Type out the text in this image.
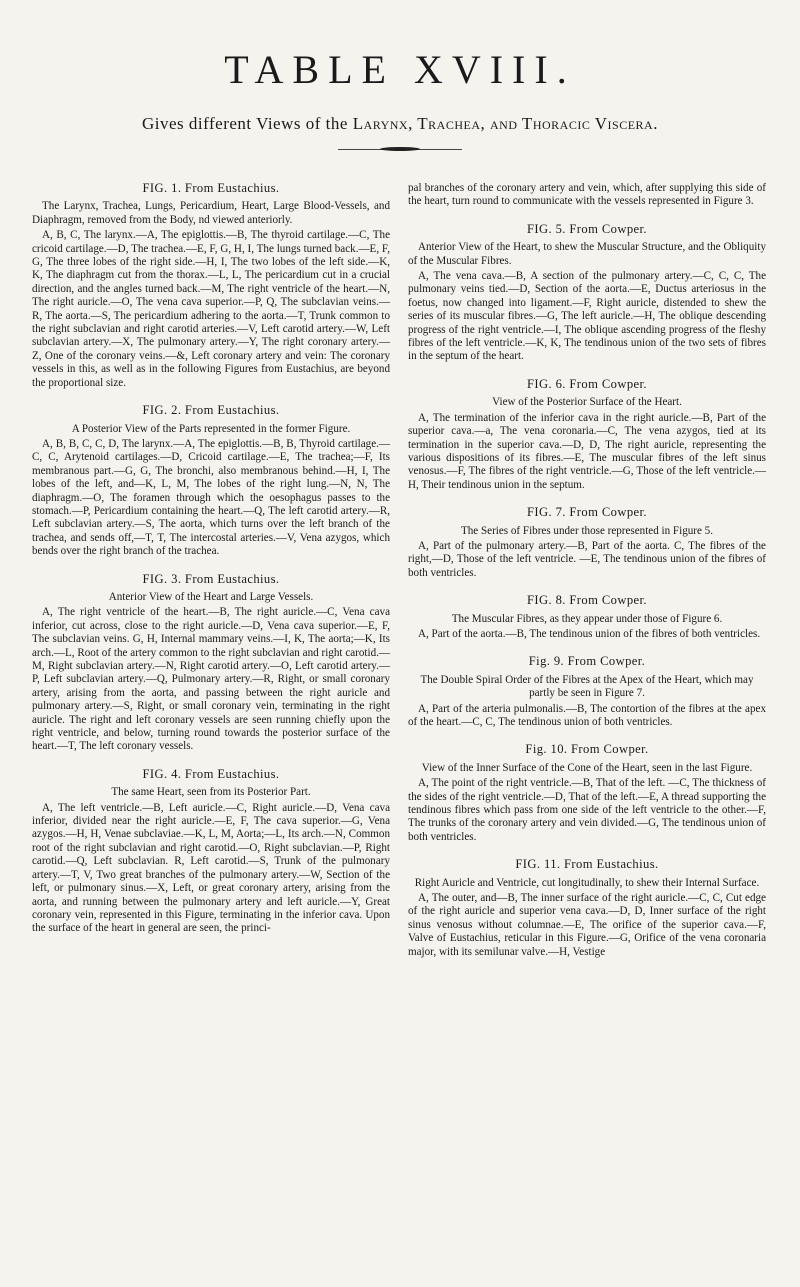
TABLE XVIII.
Gives different Views of the Larynx, Trachea, and Thoracic Viscera.
FIG. 1. From Eustachius.

The Larynx, Trachea, Lungs, Pericardium, Heart, Large Blood-Vessels, and Diaphragm, removed from the Body, nd viewed anteriorly.

A, B, C, The larynx.—A, The epiglottis.—B, The thyroid cartilage.—C, The cricoid cartilage.—D, The trachea.—E, F, G, H, I, The lungs turned back.—E, F, G, The three lobes of the right side.—H, I, The two lobes of the left side.—K, K, The diaphragm cut from the thorax.—L, L, The pericardium cut in a crucial direction, and the angles turned back.—M, The right ventricle of the heart.—N, The right auricle.—O, The vena cava superior.—P, Q, The subclavian veins.—R, The aorta.—S, The pericardium adhering to the aorta.—T, Trunk common to the right subclavian and right carotid arteries.—V, Left carotid artery.—W, Left subclavian artery.—X, The pulmonary artery.—Y, The right coronary artery.—Z, One of the coronary veins.—&, Left coronary artery and vein: The coronary vessels in this, as well as in the following Figures from Eustachius, are beyond the proportional size.

FIG. 2. From Eustachius.

A Posterior View of the Parts represented in the former Figure.

A, B, B, C, C, D, The larynx.—A, The epiglottis.—B, B, Thyroid cartilage.—C, C, Arytenoid cartilages.—D, Cricoid cartilage.—E, The trachea;—F, Its membranous part.—G, G, The bronchi, also membranous behind.—H, I, The lobes of the left, and—K, L, M, The lobes of the right lung.—N, N, The diaphragm.—O, The foramen through which the oesophagus passes to the stomach.—P, Pericardium containing the heart.—Q, The left carotid artery.—R, Left subclavian artery.—S, The aorta, which turns over the left branch of the trachea, and sends off,—T, T, The intercostal arteries.—V, Vena azygos, which bends over the right branch of the trachea.

FIG. 3. From Eustachius.

Anterior View of the Heart and Large Vessels.

A, The right ventricle of the heart.—B, The right auricle.—C, Vena cava inferior, cut across, close to the right auricle.—D, Vena cava superior.—E, F, The subclavian veins. G, H, Internal mammary veins.—I, K, The aorta;—K, Its arch.—L, Root of the artery common to the right subclavian and right carotid.—M, Right subclavian artery.—N, Right carotid artery.—O, Left carotid artery.—P, Left subclavian artery.—Q, Pulmonary artery.—R, Right, or small coronary artery, arising from the aorta, and passing between the right auricle and pulmonary artery.—S, Right, or small coronary vein, terminating in the right auricle. The right and left coronary vessels are seen running chiefly upon the right ventricle, and below, turning round towards the posterior surface of the heart.—T, The left coronary vessels.

FIG. 4. From Eustachius.

The same Heart, seen from its Posterior Part.

A, The left ventricle.—B, Left auricle.—C, Right auricle.—D, Vena cava inferior, divided near the right auricle.—E, F, The cava superior.—G, Vena azygos.—H, H, Venae subclaviae.—K, L, M, Aorta;—L, Its arch.—N, Common root of the right subclavian and right carotid.—O, Right subclavian.—P, Right carotid.—Q, Left subclavian. R, Left carotid.—S, Trunk of the pulmonary artery.—T, V, Two great branches of the pulmonary artery.—W, Section of the left, or pulmonary sinus.—X, Left, or great coronary artery, arising from the aorta, and running between the pulmonary artery and left auricle.—Y, Great coronary vein, represented in this Figure, terminating in the inferior cava. Upon the surface of the heart in general are seen, the princi-

pal branches of the coronary artery and vein, which, after supplying this side of the heart, turn round to communicate with the vessels represented in Figure 3.

FIG. 5. From Cowper.

Anterior View of the Heart, to shew the Muscular Structure, and the Obliquity of the Muscular Fibres.

A, The vena cava.—B, A section of the pulmonary artery.—C, C, C, The pulmonary veins tied.—D, Section of the aorta.—E, Ductus arteriosus in the foetus, now changed into ligament.—F, Right auricle, distended to shew the series of its muscular fibres.—G, The left auricle.—H, The oblique descending progress of the right ventricle.—I, The oblique ascending progress of the fleshy fibres of the left ventricle.—K, K, The tendinous union of the two sets of fibres in the septum of the heart.

FIG. 6. From Cowper.

View of the Posterior Surface of the Heart.

A, The termination of the inferior cava in the right auricle.—B, Part of the superior cava.—a, The vena coronaria.—C, The vena azygos, tied at its termination in the superior cava.—D, D, The right auricle, representing the various dispositions of its fibres.—E, The muscular fibres of the left sinus venosus.—F, The fibres of the right ventricle.—G, Those of the left ventricle.—H, Their tendinous union in the septum.

FIG. 7. From Cowper.

The Series of Fibres under those represented in Figure 5.

A, Part of the pulmonary artery.—B, Part of the aorta. C, The fibres of the right,—D, Those of the left ventricle. —E, The tendinous union of the fibres of both ventricles.

FIG. 8. From Cowper.

The Muscular Fibres, as they appear under those of Figure 6.

A, Part of the aorta.—B, The tendinous union of the fibres of both ventricles.

Fig. 9. From Cowper.

The Double Spiral Order of the Fibres at the Apex of the Heart, which may partly be seen in Figure 7.

A, Part of the arteria pulmonalis.—B, The contortion of the fibres at the apex of the heart.—C, C, The tendinous union of both ventricles.

Fig. 10. From Cowper.

View of the Inner Surface of the Cone of the Heart, seen in the last Figure.

A, The point of the right ventricle.—B, That of the left. —C, The thickness of the sides of the right ventricle.—D, That of the left.—E, A thread supporting the tendinous fibres which pass from one side of the left ventricle to the other.—F, The trunks of the coronary artery and vein divided.—G, The tendinous union of both ventricles.

FIG. 11. From Eustachius.

Right Auricle and Ventricle, cut longitudinally, to shew their Internal Surface.

A, The outer, and—B, The inner surface of the right auricle.—C, C, Cut edge of the right auricle and superior vena cava.—D, D, Inner surface of the right sinus venosus without columnae.—E, The orifice of the superior cava.—F, Valve of Eustachius, reticular in this Figure.—G, Orifice of the vena coronaria major, with its semilunar valve.—H, Vestige
